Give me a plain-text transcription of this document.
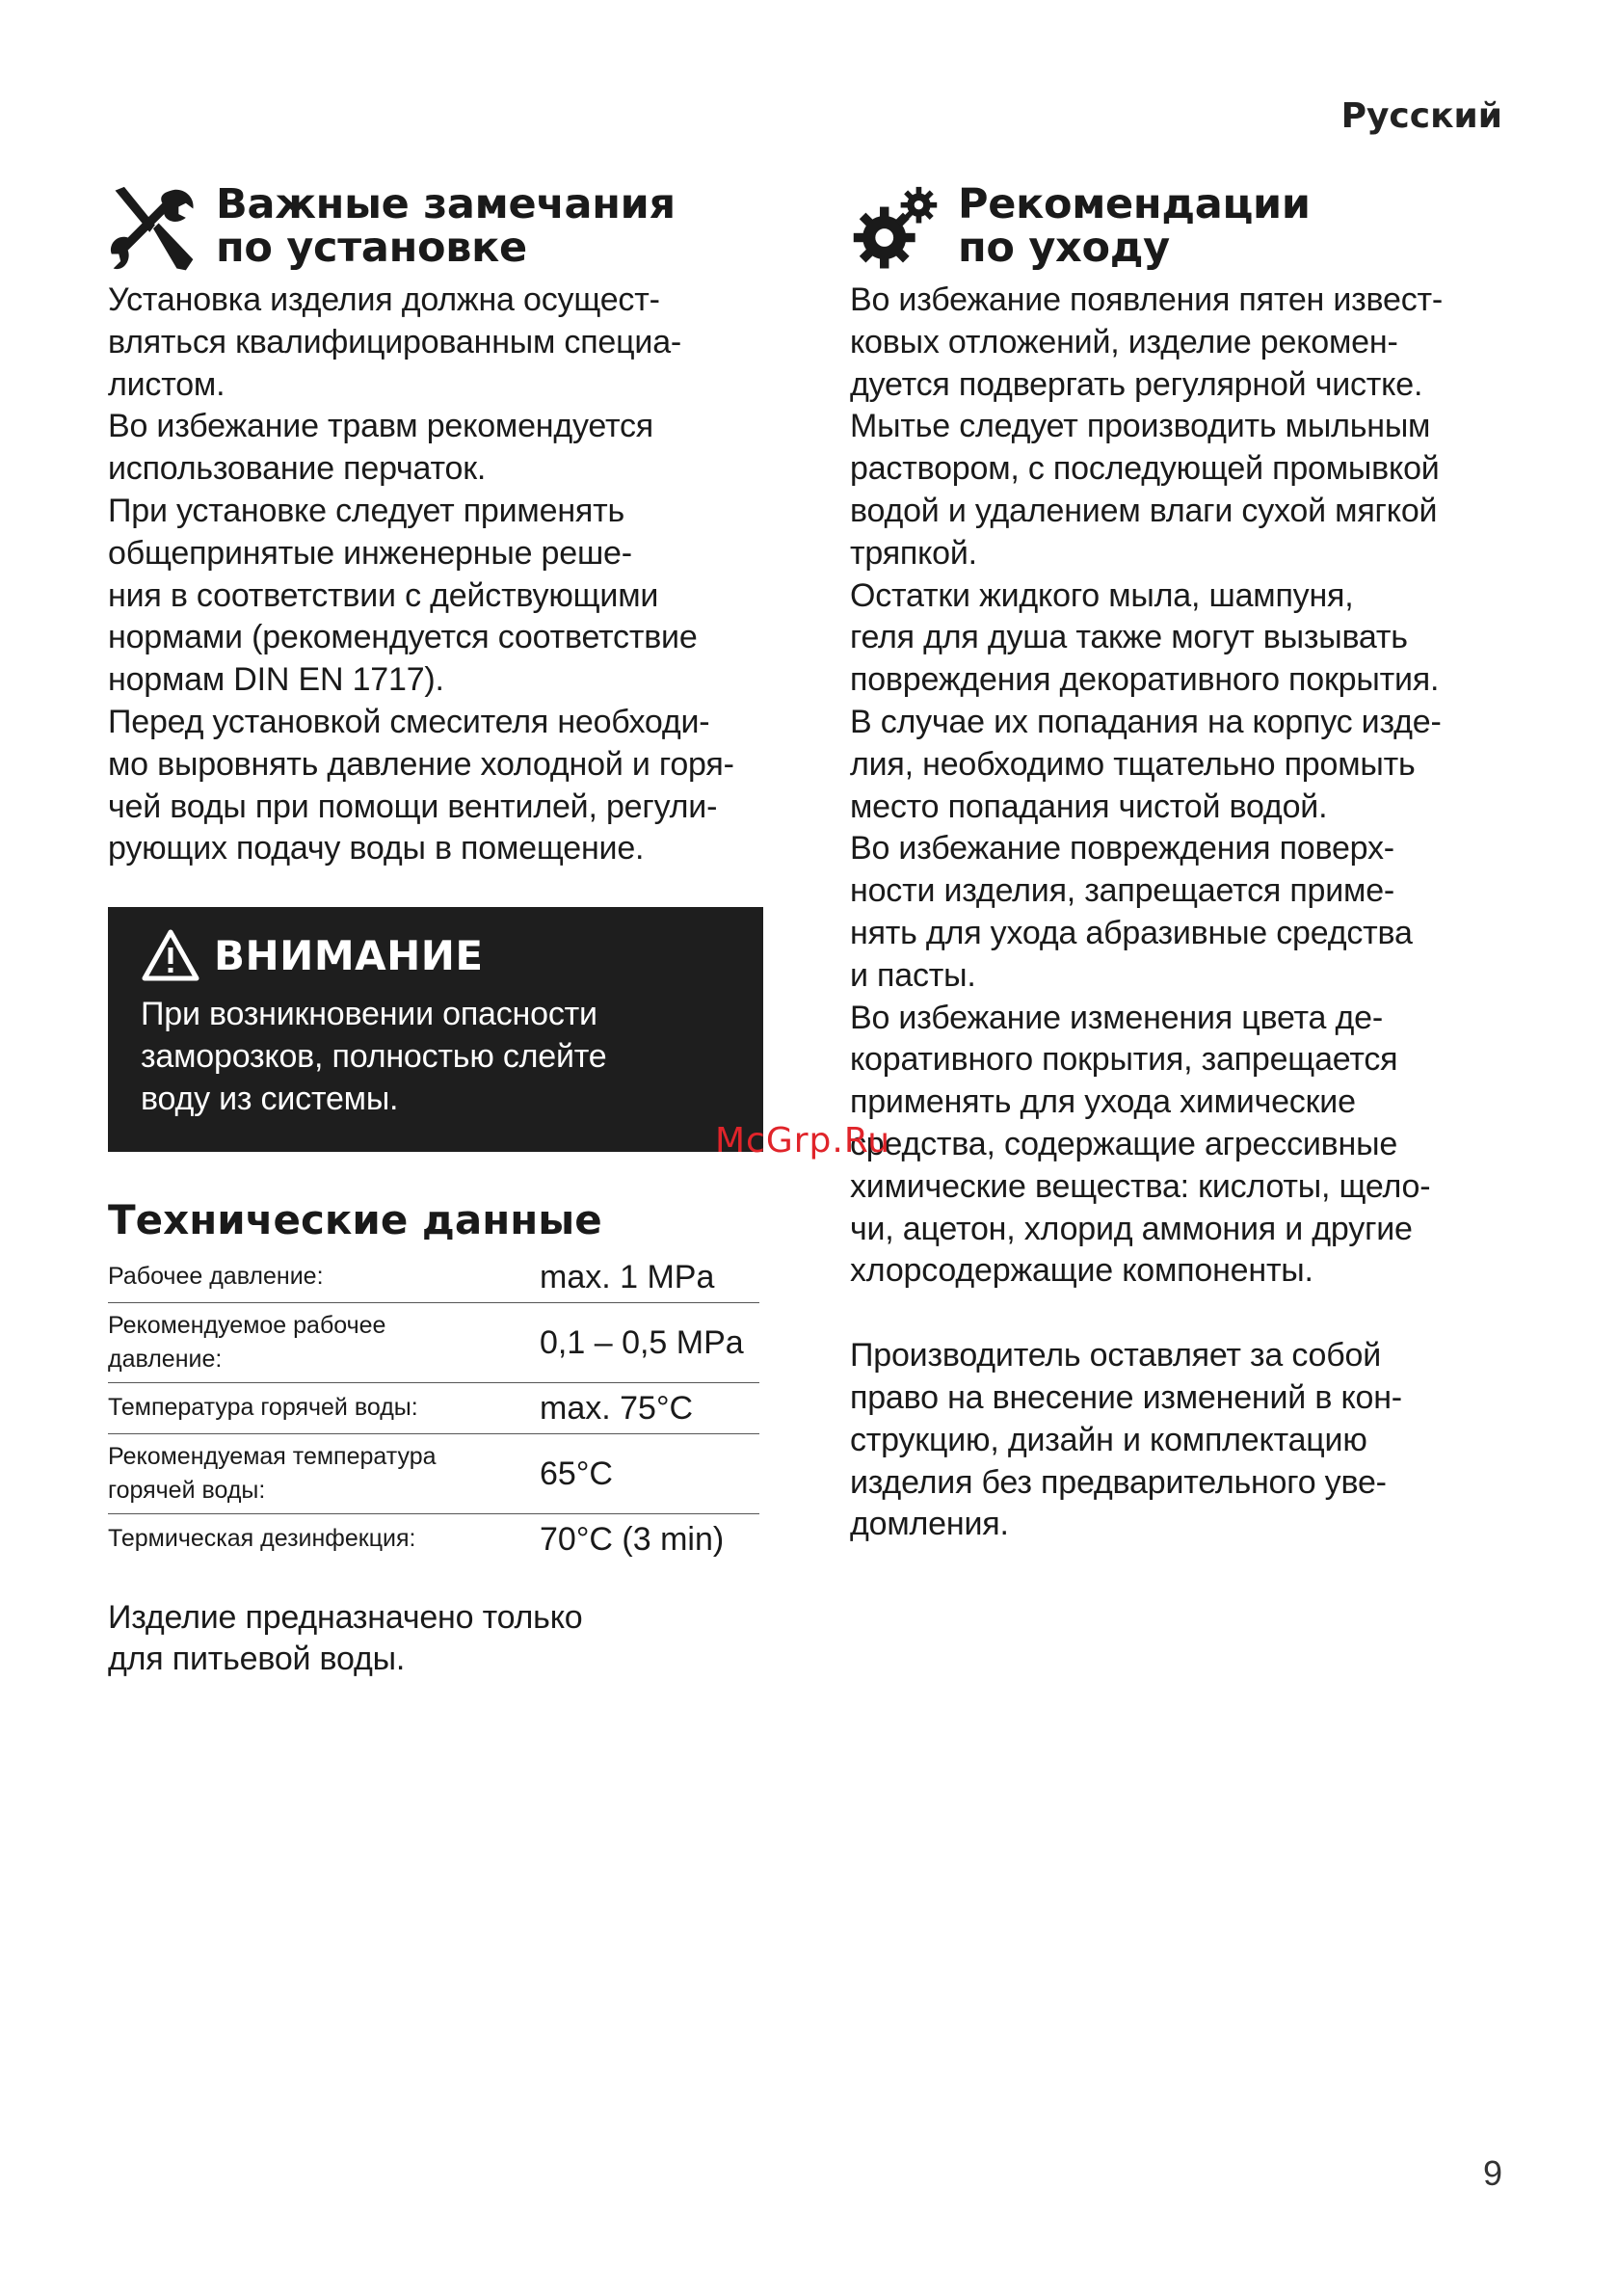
Русский
Важные замечания
по установке

Установка изделия должна осущест-
вляться квалифицированным специа-
листом.

Во избежание травм рекомендуется
использование перчаток.

При установке следует применять
общепринятые инженерные реше-
ния в соответствии с действующими
нормами (рекомендуется соответствие
нормам DIN EN 1717).

Перед установкой смесителя необходи-
мо выровнять давление холодной и горя-
чей воды при помощи вентилей, регули-
рующих подачу воды в помещение.

ВНИМАНИЕ

При возникновении опасности
заморозков, полностью слейте
воду из системы.

Технические данные
Рабочее давление:	max. 1 MPa
Рекомендуемое рабочее
давление:	0,1 – 0,5 MPa
Температура горячей воды:	max. 75°C
Рекомендуемая температура
горячей воды:	65°C
Термическая дезинфекция:	70°C (3 min)

Изделие предназначено только
для питьевой воды.

Рекомендации
по уходу

Во избежание появления пятен извест-
ковых отложений, изделие рекомен-
дуется подвергать регулярной чистке.

Мытье следует производить мыльным
раствором, с последующей промывкой
водой и удалением влаги сухой мягкой
тряпкой.

Остатки жидкого мыла, шампуня,
геля для душа также могут вызывать
повреждения декоративного покрытия.
В случае их попадания на корпус изде-
лия, необходимо тщательно промыть
место попадания чистой водой.

Во избежание повреждения поверх-
ности изделия, запрещается приме-
нять для ухода абразивные средства
и пасты.

Во избежание изменения цвета де-
коративного покрытия, запрещается
применять для ухода химические
средства, содержащие агрессивные
химические вещества: кислоты, щело-
чи, ацетон, хлорид аммония и другие
хлорсодержащие компоненты.

Производитель оставляет за собой
право на внесение изменений в кон-
струкцию, дизайн и комплектацию
изделия без предварительного уве-
домления.

McGrp.Ru
9
